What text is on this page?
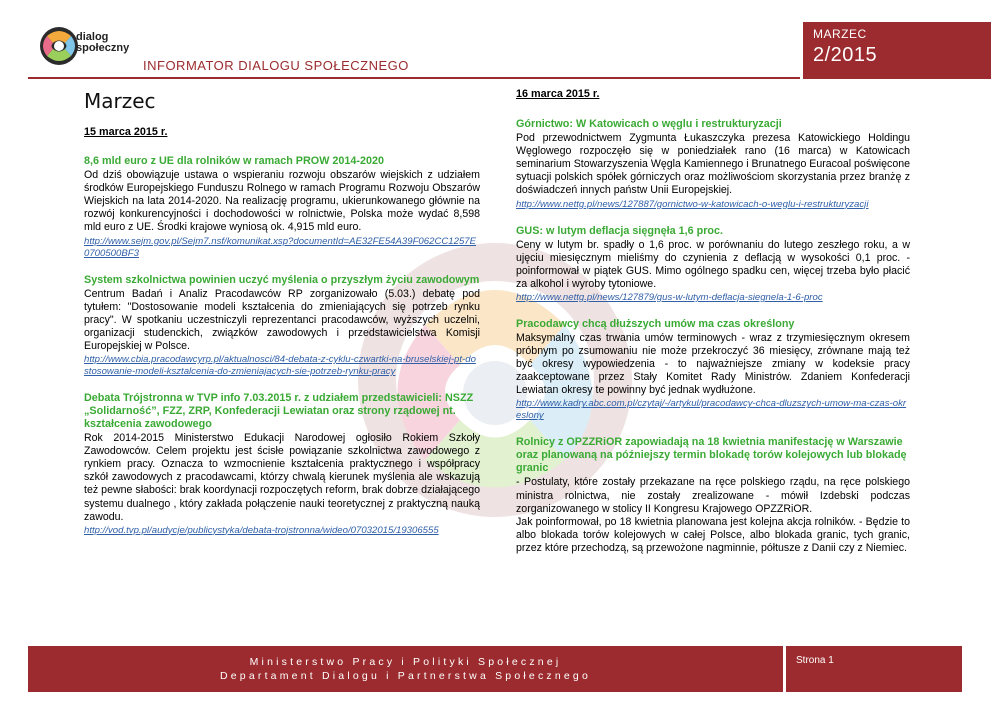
dialog
społeczny
INFORMATOR DIALOGU SPOŁECZNEGO
MARZEC
2/2015
Marzec
15 marca 2015 r.
8,6 mld euro z UE dla rolników w ramach PROW 2014-2020

Od dziś obowiązuje ustawa o wspieraniu rozwoju obszarów wiejskich z udziałem środków Europejskiego Funduszu Rolnego w ramach Programu Rozwoju Obszarów Wiejskich na lata 2014-2020. Na realizację programu, ukierunkowanego głównie na rozwój konkurencyjności i dochodowości w rolnictwie, Polska może wydać 8,598 mld euro z UE. Środki krajowe wyniosą ok. 4,915 mld euro.

http://www.sejm.gov.pl/Sejm7.nsf/komunikat.xsp?documentId=AE32FE54A39F062CC1257E0700500BF3
System szkolnictwa powinien uczyć myślenia o przyszłym życiu zawodowym

Centrum Badań i Analiz Pracodawców RP zorganizowało (5.03.) debatę pod tytułem: "Dostosowanie modeli kształcenia do zmieniających się potrzeb rynku pracy". W spotkaniu uczestniczyli reprezentanci pracodawców, wyższych uczelni, organizacji studenckich, związków zawodowych i przedstawicielstwa Komisji Europejskiej w Polsce.

http://www.cbia.pracodawcyrp.pl/aktualnosci/84-debata-z-cyklu-czwartki-na-bruselskiej-pt-dostosowanie-modeli-ksztalcenia-do-zmieniajacych-sie-potrzeb-rynku-pracy
Debata Trójstronna w TVP info 7.03.2015 r. z udziałem przedstawicieli: NSZZ „Solidarność”, FZZ, ZRP, Konfederacji Lewiatan oraz strony rządowej nt. kształcenia zawodowego

Rok 2014-2015 Ministerstwo Edukacji Narodowej ogłosiło Rokiem Szkoły Zawodowców. Celem projektu jest ścisłe powiązanie szkolnictwa zawodowego z rynkiem pracy. Oznacza to wzmocnienie kształcenia praktycznego i współpracy szkół zawodowych z pracodawcami, którzy chwalą kierunek myślenia ale wskazują też pewne słabości: brak koordynacji rozpoczętych reform, brak dobrze działającego systemu dualnego , który zakłada połączenie nauki teoretycznej z praktyczną nauką zawodu.

http://vod.tvp.pl/audycje/publicystyka/debata-trojstronna/wideo/07032015/19306555
16 marca 2015 r.
Górnictwo: W Katowicach o węglu i restrukturyzacji

Pod przewodnictwem Zygmunta Łukaszczyka prezesa Katowickiego Holdingu Węglowego rozpoczęło się w poniedziałek rano (16 marca) w Katowicach seminarium Stowarzyszenia Węgla Kamiennego i Brunatnego Euracoal poświęcone sytuacji polskich spółek górniczych oraz możliwościom skorzystania przez branżę z doświadczeń innych państw Unii Europejskiej.

http://www.nettg.pl/news/127887/gornictwo-w-katowicach-o-weglu-i-restrukturyzacji
GUS: w lutym deflacja sięgnęła 1,6 proc.

Ceny w lutym br. spadły o 1,6 proc. w porównaniu do lutego zeszłego roku, a w ujęciu miesięcznym mieliśmy do czynienia z deflacją w wysokości 0,1 proc. - poinformował w piątek GUS. Mimo ogólnego spadku cen, więcej trzeba było płacić za alkohol i wyroby tytoniowe.

http://www.nettg.pl/news/127879/gus-w-lutym-deflacja-siegnela-1-6-proc
Pracodawcy chcą dłuższych umów ma czas określony

Maksymalny czas trwania umów terminowych - wraz z trzymiesięcznym okresem próbnym po zsumowaniu nie może przekroczyć 36 miesięcy, zrównane mają też być okresy wypowiedzenia - to najważniejsze zmiany w kodeksie pracy zaakceptowane przez Stały Komitet Rady Ministrów. Zdaniem Konfederacji Lewiatan okresy te powinny być jednak wydłużone.

http://www.kadry.abc.com.pl/czytaj/-/artykul/pracodawcy-chca-dluzszych-umow-ma-czas-okreslony
Rolnicy z OPZZRiOR zapowiadają na 18 kwietnia manifestację w Warszawie oraz planowaną na późniejszy termin blokadę torów kolejowych lub blokadę granic

- Postulaty, które zostały przekazane na ręce polskiego rządu, na ręce polskiego ministra rolnictwa, nie zostały zrealizowane - mówił Izdebski podczas zorganizowanego w stolicy II Kongresu Krajowego OPZZRiOR.

Jak poinformował, po 18 kwietnia planowana jest kolejna akcja rolników. - Będzie to albo blokada torów kolejowych w całej Polsce, albo blokada granic, tych granic, przez które przechodzą, są przewożone nagminnie, półtusze z Danii czy z Niemiec.

Ministerstwo Pracy i Polityki Społecznej
Departament Dialogu i Partnerstwa Społecznego
Strona 1
